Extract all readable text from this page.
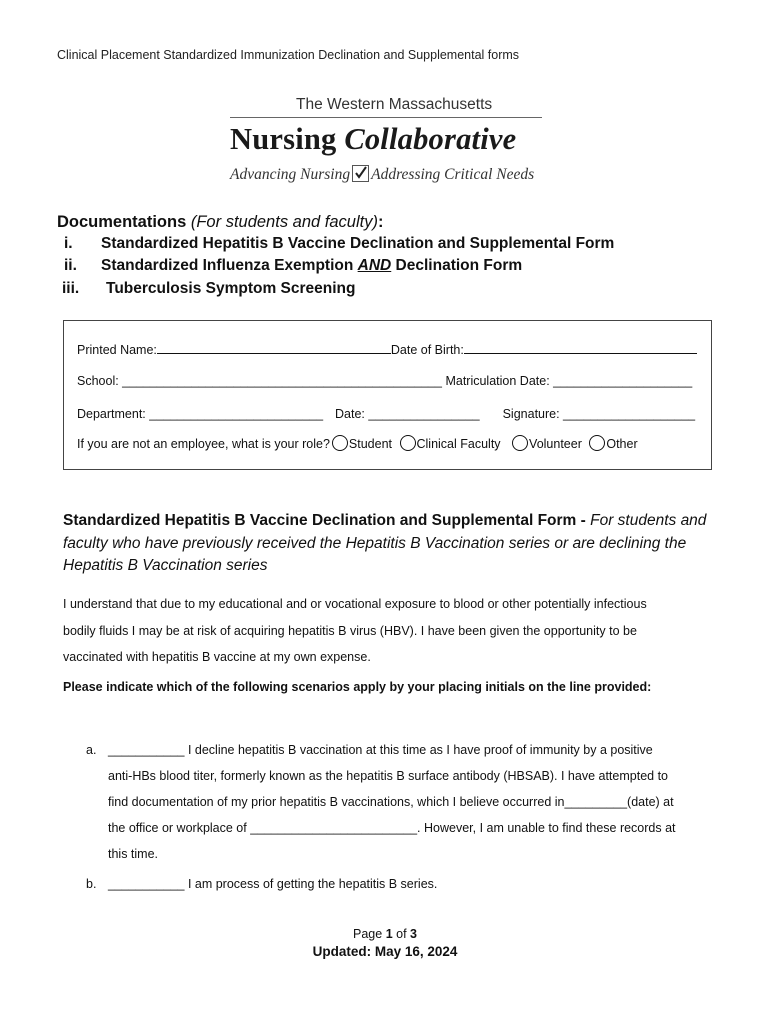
Clinical Placement Standardized Immunization Declination and Supplemental forms
The Western Massachusetts
Nursing Collaborative
Advancing Nursing Addressing Critical Needs
Documentations (For students and faculty):
i. Standardized Hepatitis B Vaccine Declination and Supplemental Form
ii. Standardized Influenza Exemption AND Declination Form
iii. Tuberculosis Symptom Screening
Printed Name:	Date of Birth:
School: ______________________________________________ Matriculation Date: ____________________
Department: _________________________ Date: ________________ Signature: ___________________
If you are not an employee, what is your role? Student Clinical Faculty Volunteer Other
Standardized Hepatitis B Vaccine Declination and Supplemental Form - For students and faculty who have previously received the Hepatitis B Vaccination series or are declining the Hepatitis B Vaccination series
I understand that due to my educational and or vocational exposure to blood or other potentially infectious
bodily fluids I may be at risk of acquiring hepatitis B virus (HBV). I have been given the opportunity to be
vaccinated with hepatitis B vaccine at my own expense.
Please indicate which of the following scenarios apply by your placing initials on the line provided:
a. ___________ I decline hepatitis B vaccination at this time as I have proof of immunity by a positive
anti-HBs blood titer, formerly known as the hepatitis B surface antibody (HBSAB). I have attempted to
find documentation of my prior hepatitis B vaccinations, which I believe occurred in_________(date) at
the office or workplace of ________________________. However, I am unable to find these records at
this time.
b. ___________ I am process of getting the hepatitis B series.
Page 1 of 3
Updated: May 16, 2024
